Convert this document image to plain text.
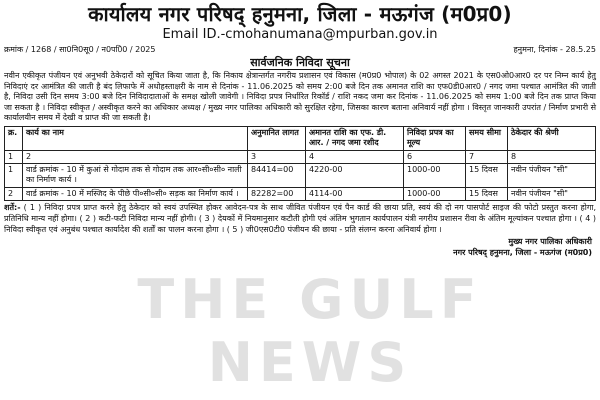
कार्यालय नगर परिषद् हनुमना, जिला - मऊगंज (म0प्र0)
Email ID.-cmohanumana@mpurban.gov.in
क्रमांक / 1268 / सा0नि0सू0 / न0प0ि0 / 2025	हनुमना, दिनांक - 28.5.25
सार्वजनिक निविदा सूचना

नवीन एकीकृत पंजीयन एवं अनुभवी ठेकेदारों को सूचित किया जाता है, कि निकाय क्षेत्रान्तर्गत नगरीय प्रशासन एवं विकास (म0प्र0 भोपाल) के 02 अगस्त 2021 के एस0ओ0आर0 दर पर निम्न कार्य हेतु निविदाएं दर आमंत्रित की जाती है बंद लिफाफे में अधोहस्ताक्षरी के नाम से दिनांक - 11.06.2025 को समय 2:00 बजे दिन तक अमानत राशि का एफ0डी0आर0 / नगद जमा पश्चात आमंत्रित की जाती है, निविदा उसी दिन समय 3:00 बजे दिन निविदादाताओं के समक्ष खोली जावेगी । निविदा प्रपत्र निर्धारित रिकॉर्ड / राशि नकद जमा कर दिनांक - 11.06.2025 को समय 1:00 बजे दिन तक प्राप्त किया जा सकता है । निविदा स्वीकृत / अस्वीकृत करने का अधिकार अध्यक्ष / मुख्य नगर पालिका अधिकारी को सुरक्षित रहेगा, जिसका कारण बताना अनिवार्य नहीं होगा । विस्तृत जानकारी उपरांत / निर्माण प्रभारी से कार्यालयीन समय में देखी व प्राप्त की जा सकती है।

क्र.	कार्य का नाम	अनुमानित लागत	अमानत राशि का एफ. डी. आर. / नगद जमा रशीद	निविदा प्रपत्र का मूल्य	समय सीमा	ठेकेदार की श्रेणी
1	2	3	4	6	7	8
1	वार्ड क्रमांक - 10 में कुआं से गोदाम तक से गोदाम तक आर०सी०सी० नाली का निर्माण कार्य ।	84414=00	4220-00	1000-00	15 दिवस	नवीन पंजीयन "सी"
2	वार्ड क्रमांक - 10 में मस्जिद के पीछे पी०सी०सी० सड़क का निर्माण कार्य ।	82282=00	4114-00	1000-00	15 दिवस	नवीन पंजीयन "सी"

शर्ते:- ( 1 ) निविदा प्रपत्र प्राप्त करने हेतु ठेकेदार को स्वयं उपस्थित होकर आवेदन-पत्र के साथ जीवित पंजीयन एवं पैन कार्ड की छाया प्रति, स्वयं की दो नग पासपोर्ट साइज की फोटो प्रस्तुत करना होगा, प्रतिनिधि मान्य नहीं होगा। ( 2 ) कटी-फटी निविदा मान्य नहीं होगी। ( 3 ) देयकों में नियमानुसार कटौती होगी एवं अंतिम भुगतान कार्यपालन यंत्री नगरीय प्रशासन रीवा के अंतिम मूल्यांकन पश्चात होगा । ( 4 ) निविदा स्वीकृत एवं अनुबंध पश्चात कार्यादेश की शर्तों का पालन करना होगा । ( 5 ) जी0एस0टी0 पंजीयन की छाया - प्रति संलग्न करना अनिवार्य होगा ।

मुख्य नगर पालिका अधिकारी
नगर परिषद् हनुमना, जिला - मऊगंज (म0प्र0)
THE GULF NEWS
